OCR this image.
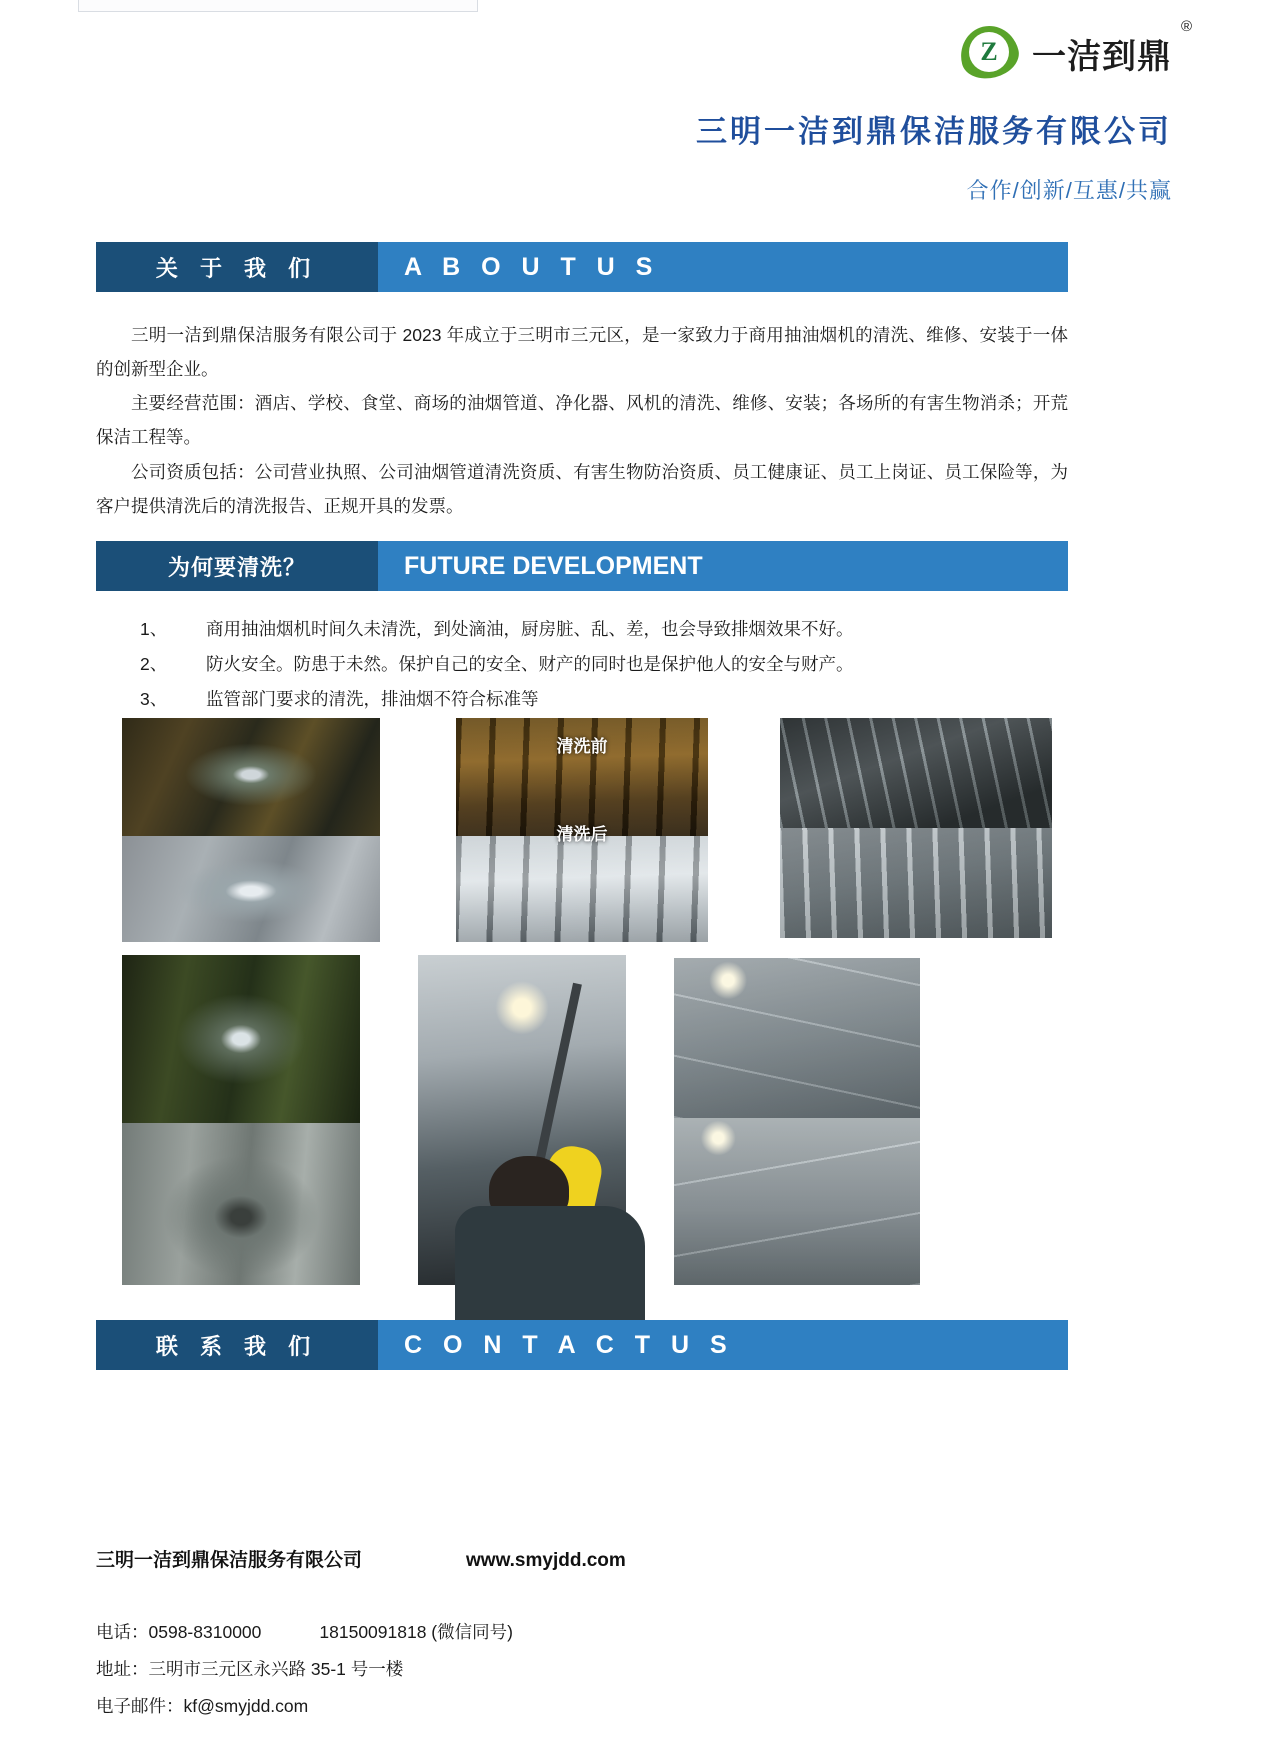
Z	一洁到鼎
®
三明一洁到鼎保洁服务有限公司
合作/创新/互惠/共赢
关 于 我 们	A B O U T U S

三明一洁到鼎保洁服务有限公司于 2023 年成立于三明市三元区，是一家致力于商用抽油烟机的清洗、维修、安装于一体的创新型企业。

主要经营范围：酒店、学校、食堂、商场的油烟管道、净化器、风机的清洗、维修、安装；各场所的有害生物消杀；开荒保洁工程等。

公司资质包括：公司营业执照、公司油烟管道清洗资质、有害生物防治资质、员工健康证、员工上岗证、员工保险等，为客户提供清洗后的清洗报告、正规开具的发票。

为何要清洗？	FUTURE DEVELOPMENT
1、	商用抽油烟机时间久未清洗，到处滴油，厨房脏、乱、差，也会导致排烟效果不好。
2、	防火安全。防患于未然。保护自己的安全、财产的同时也是保护他人的安全与财产。
3、	监管部门要求的清洗，排油烟不符合标准等
清洗前
清洗后
联 系 我 们	C O N T A C T U S
三明一洁到鼎保洁服务有限公司	www.smyjdd.com
电话：0598-8310000	18150091818 (微信同号)
地址：三明市三元区永兴路 35-1 号一楼
电子邮件：kf@smyjdd.com
